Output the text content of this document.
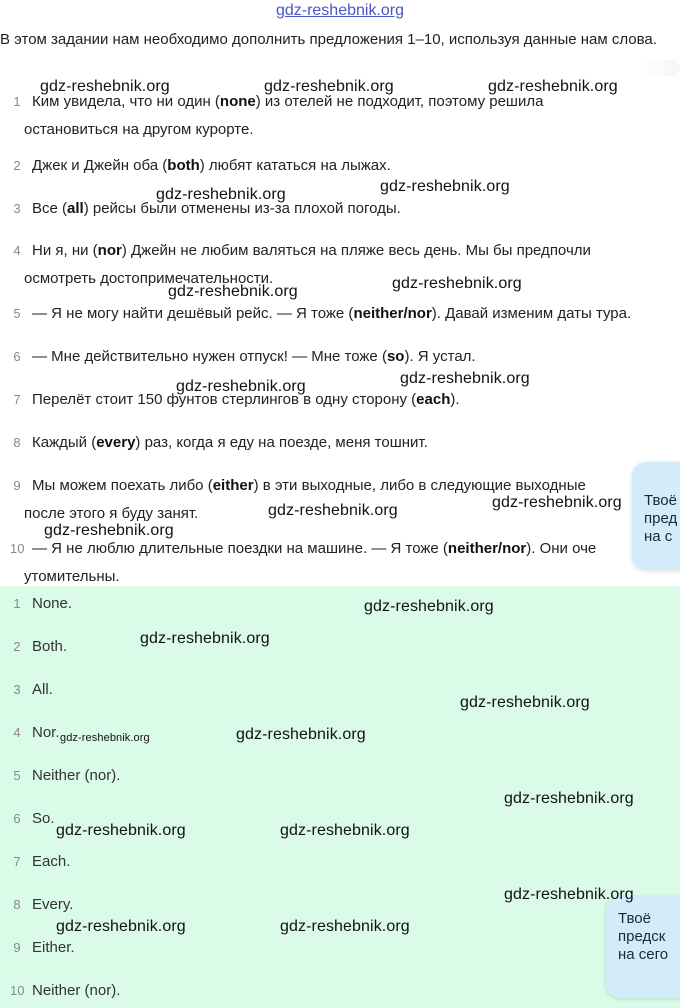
gdz-reshebnik.org
В этом задании нам необходимо дополнить предложения 1–10, используя данные нам слова.
1 Ким увидела, что ни один (none) из отелей не подходит, поэтому решила
остановиться на другом курорте.
2 Джек и Джейн оба (both) любят кататься на лыжах.
3 Все (all) рейсы были отменены из-за плохой погоды.
4 Ни я, ни (nor) Джейн не любим валяться на пляже весь день. Мы бы предпочли
осмотреть достопримечательности.
5 — Я не могу найти дешёвый рейс. — Я тоже (neither/nor). Давай изменим даты тура.
6 — Мне действительно нужен отпуск! — Мне тоже (so). Я устал.
7 Перелёт стоит 150 фунтов стерлингов в одну сторону (each).
8 Каждый (every) раз, когда я еду на поезде, меня тошнит.
9 Мы можем поехать либо (either) в эти выходные, либо в следующие выходные
после этого я буду занят.
10 — Я не люблю длительные поездки на машине. — Я тоже (neither/nor). Они оче
утомительны.
1 None.
2 Both.
3 All.
4 Nor.
5 Neither (nor).
6 So.
7 Each.
8 Every.
9 Either.
10 Neither (nor).
Твоё
пред
на с
Твоё
предск
на сего
gdz-reshebnik.org	gdz-reshebnik.org	gdz-reshebnik.org
gdz-reshebnik.org	gdz-reshebnik.org
gdz-reshebnik.org
gdz-reshebnik.org
gdz-reshebnik.org	gdz-reshebnik.org
gdz-reshebnik.org
gdz-reshebnik.org
gdz-reshebnik.org
gdz-reshebnik.org
gdz-reshebnik.org
gdz-reshebnik.org
gdz-reshebnik.org	gdz-reshebnik.org
gdz-reshebnik.org
gdz-reshebnik.org	gdz-reshebnik.org
gdz-reshebnik.org
gdz-reshebnik.org	gdz-reshebnik.org
